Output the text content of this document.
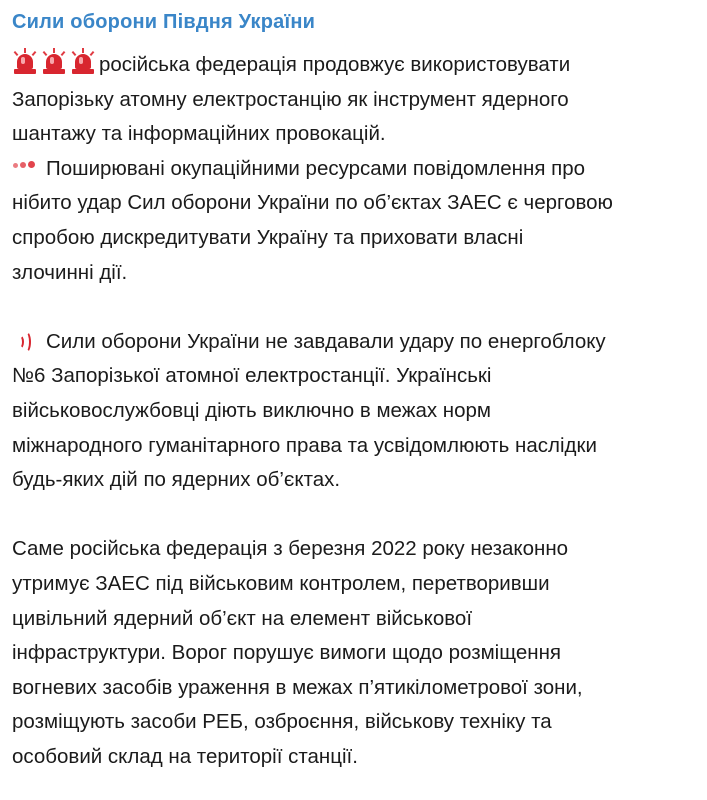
Сили оборони Півдня України
російська федерація продовжує використовувати
Запорізьку атомну електростанцію як інструмент ядерного
шантажу та інформаційних провокацій.
Поширювані окупаційними ресурсами повідомлення про
нібито удар Сил оборони України по об’єктах ЗАЕС є черговою
спробою дискредитувати Україну та приховати власні
злочинні дії.
Сили оборони України не завдавали удару по енергоблоку
№6 Запорізької атомної електростанції. Українські
військовослужбовці діють виключно в межах норм
міжнародного гуманітарного права та усвідомлюють наслідки
будь-яких дій по ядерних об’єктах.
Саме російська федерація з березня 2022 року незаконно
утримує ЗАЕС під військовим контролем, перетворивши
цивільний ядерний об’єкт на елемент військової
інфраструктури. Ворог порушує вимоги щодо розміщення
вогневих засобів ураження в межах п’ятикілометрової зони,
розміщують засоби РЕБ, озброєння, військову техніку та
особовий склад на території станції.
